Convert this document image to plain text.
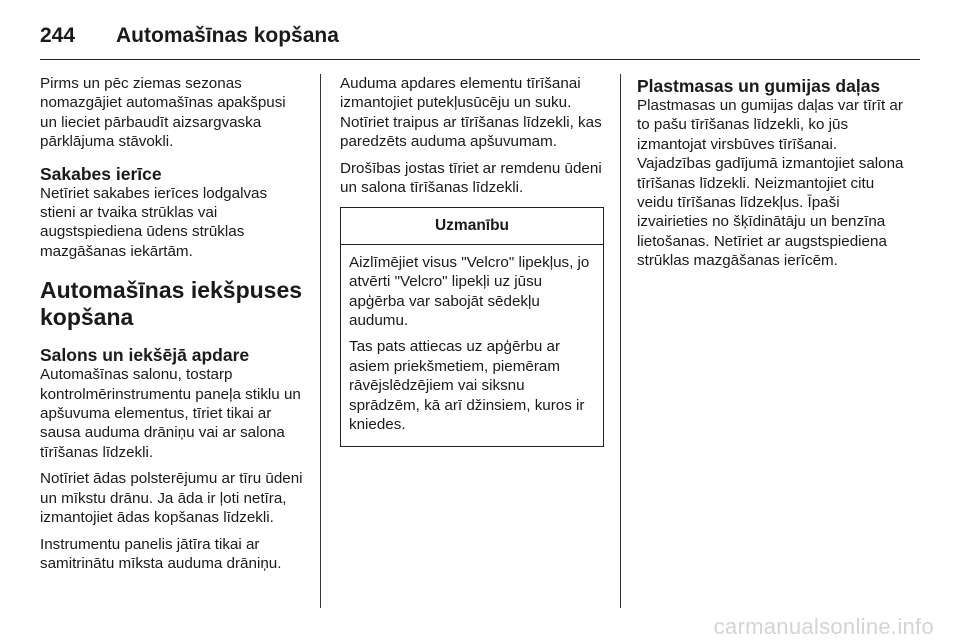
244	Automašīnas kopšana

Pirms un pēc ziemas sezonas nomazgājiet automašīnas apakšpusi un lieciet pārbaudīt aizsargvaska pārklājuma stāvokli.

Sakabes ierīce

Netīriet sakabes ierīces lodgalvas stieni ar tvaika strūklas vai augstspiediena ūdens strūklas mazgāšanas iekārtām.

Automašīnas iekšpuses kopšana
Salons un iekšējā apdare

Automašīnas salonu, tostarp kontrolmērinstrumentu paneļa stiklu un apšuvuma elementus, tīriet tikai ar sausa auduma drāniņu vai ar salona tīrīšanas līdzekli.

Notīriet ādas polsterējumu ar tīru ūdeni un mīkstu drānu. Ja āda ir ļoti netīra, izmantojiet ādas kopšanas līdzekli.

Instrumentu panelis jātīra tikai ar samitrinātu mīksta auduma drāniņu.

Auduma apdares elementu tīrīšanai izmantojiet putekļusūcēju un suku. Notīriet traipus ar tīrīšanas līdzekli, kas paredzēts auduma apšuvumam.

Drošības jostas tīriet ar remdenu ūdeni un salona tīrīšanas līdzekli.

Uzmanību

Aizlīmējiet visus "Velcro" lipekļus, jo atvērti "Velcro" lipekļi uz jūsu apģērba var sabojāt sēdekļu audumu.

Tas pats attiecas uz apģērbu ar asiem priekšmetiem, piemēram rāvējslēdzējiem vai siksnu sprādzēm, kā arī džinsiem, kuros ir kniedes.

Plastmasas un gumijas daļas

Plastmasas un gumijas daļas var tīrīt ar to pašu tīrīšanas līdzekli, ko jūs izmantojat virsbūves tīrīšanai. Vajadzības gadījumā izmantojiet salona tīrīšanas līdzekli. Neizmantojiet citu veidu tīrīšanas līdzekļus. Īpaši izvairieties no šķīdinātāju un benzīna lietošanas. Netīriet ar augstspiediena strūklas mazgāšanas ierīcēm.

carmanualsonline.info
